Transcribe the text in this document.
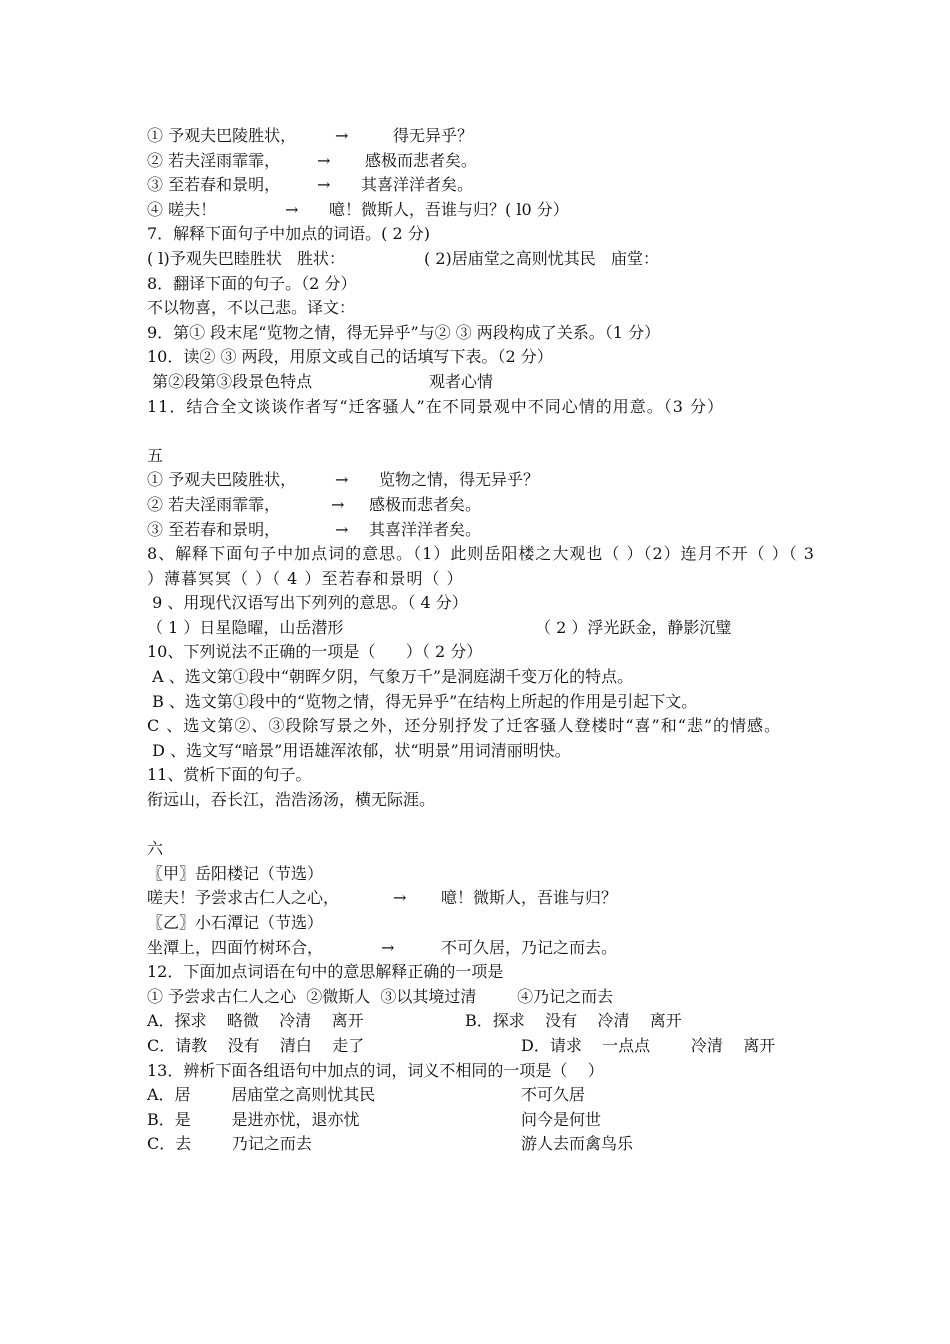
① 予观夫巴陵胜状， →	得无异乎？
② 若夫淫雨霏霏， → 感极而悲者矣。
③ 至若春和景明， → 其喜洋洋者矣。
④ 嗟夫！	→ 噫！微斯人，吾谁与归？( l0 分）
7．解释下面句子中加点的词语。( 2 分)
( l)予观失巴睦胜状   胜状：	( 2)居庙堂之高则忧其民   庙堂：
8．翻译下面的句子。（2 分）
不以物喜，不以己悲。译文：
9．第① 段末尾“览物之情，得无异乎”与② ③ 两段构成了关系。（1 分）
10．读② ③ 两段，用原文或自己的话填写下表。（2 分）
第②段第③段景色特点	观者心情
11．结合全文谈谈作者写“迁客骚人”在不同景观中不同心情的用意。（3 分）
五
① 予观夫巴陵胜状， → 览物之情，得无异乎？
② 若夫淫雨霏霏，	→ 感极而悲者矣。
③ 至若春和景明，	→ 其喜洋洋者矣。
8、解释下面句子中加点词的意思。（1）此则岳阳楼之大观也（ ）（2）连月不开（ ）（ 3 ）薄暮冥冥（ ）（ 4 ）至若春和景明（ ）
9 、用现代汉语写出下列列的意思。（ 4 分）
（ 1 ）日星隐曜，山岳潜形	（ 2 ）浮光跃金，静影沉璧
10、下列说法不正确的一项是（      ）（ 2 分）
A 、选文第①段中“朝晖夕阴，气象万千”是洞庭湖千变万化的特点。
B 、选文第①段中的“览物之情，得无异乎”在结构上所起的作用是引起下文。
C 、选文第②、③段除写景之外，还分别抒发了迁客骚人登楼时“喜”和“悲”的情感。
D 、选文写“暗景”用语雄浑浓郁，状“明景”用词清丽明快。
11、赏析下面的句子。
衔远山，吞长江，浩浩汤汤，横无际涯。
六
〖甲〗岳阳楼记（节选）
嗟夫！予尝求古仁人之心，	→ 噫！微斯人，吾谁与归？
〖乙〗小石潭记（节选）
坐潭上，四面竹树环合，	→	不可久居，乃记之而去。
12．下面加点词语在句中的意思解释正确的一项是
① 予尝求古仁人之心  ②微斯人  ③以其境过清        ④乃记之而去
A．探求    略微    冷清    离开	B．探求    没有    冷清    离开
C．请教    没有    清白    走了	D．请求    一点点        冷清    离开
13．辨析下面各组语句中加点的词，词义不相同的一项是（    ）
A．居        居庙堂之高则忧其民	不可久居
B．是        是进亦忧，退亦忧	问今是何世
C．去        乃记之而去	游人去而禽鸟乐
